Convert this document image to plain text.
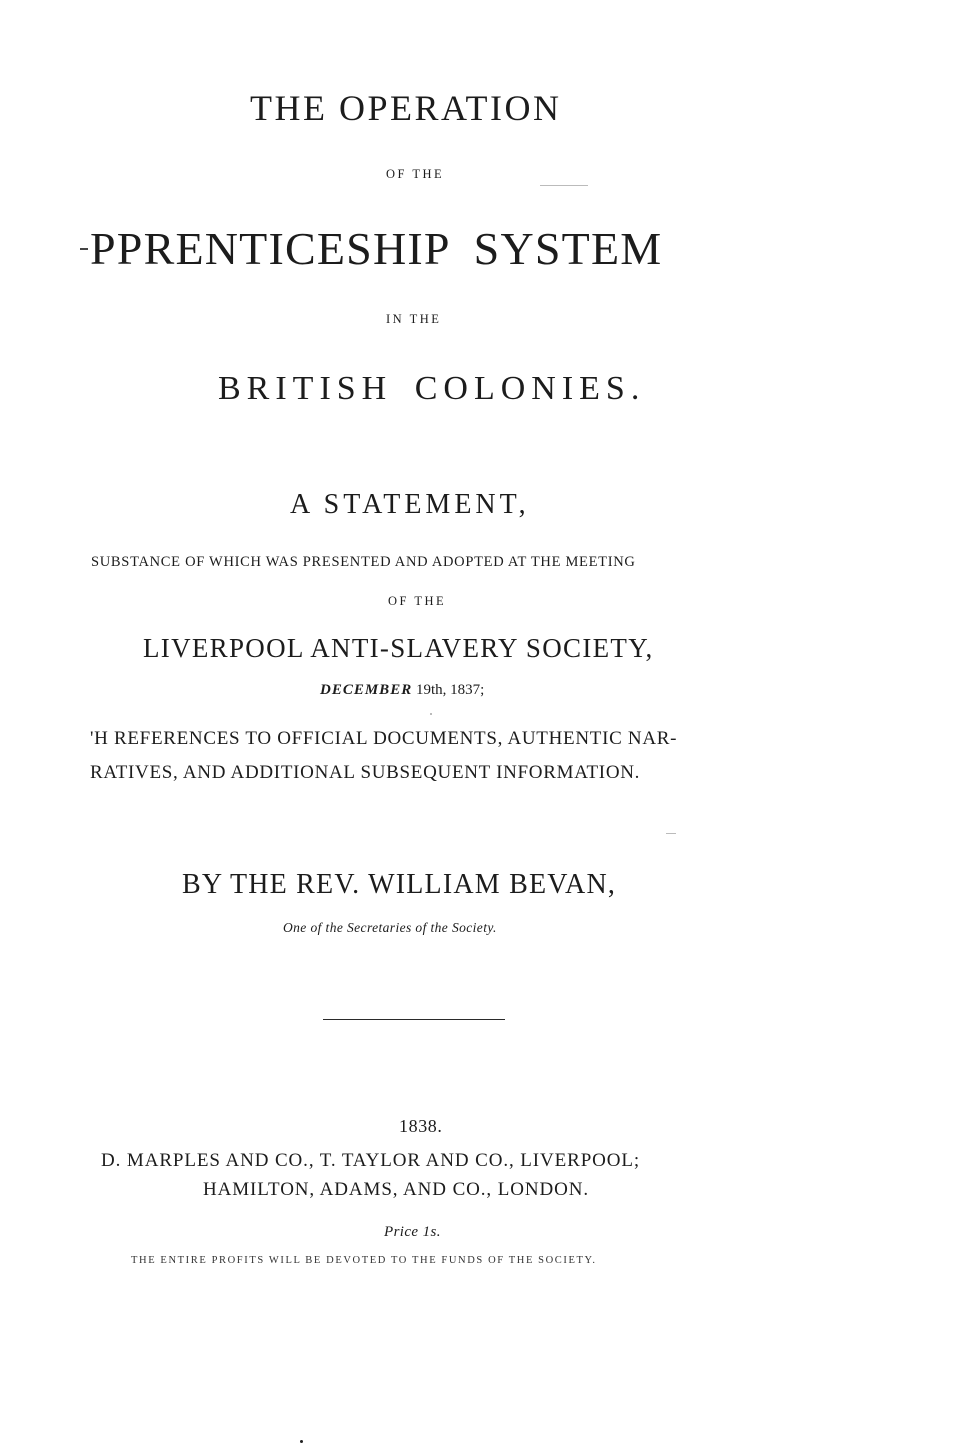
THE OPERATION
OF THE
PPRENTICESHIP SYSTEM
IN THE
BRITISH COLONIES.
A STATEMENT,
SUBSTANCE OF WHICH WAS PRESENTED AND ADOPTED AT THE MEETING
OF THE
LIVERPOOL ANTI-SLAVERY SOCIETY,
DECEMBER 19th, 1837;
'H REFERENCES TO OFFICIAL DOCUMENTS, AUTHENTIC NAR-
RATIVES, AND ADDITIONAL SUBSEQUENT INFORMATION.
BY THE REV. WILLIAM BEVAN,
One of the Secretaries of the Society.
1838.
D. MARPLES AND CO., T. TAYLOR AND CO., LIVERPOOL;
HAMILTON, ADAMS, AND CO., LONDON.
Price 1s.
THE ENTIRE PROFITS WILL BE DEVOTED TO THE FUNDS OF THE SOCIETY.
